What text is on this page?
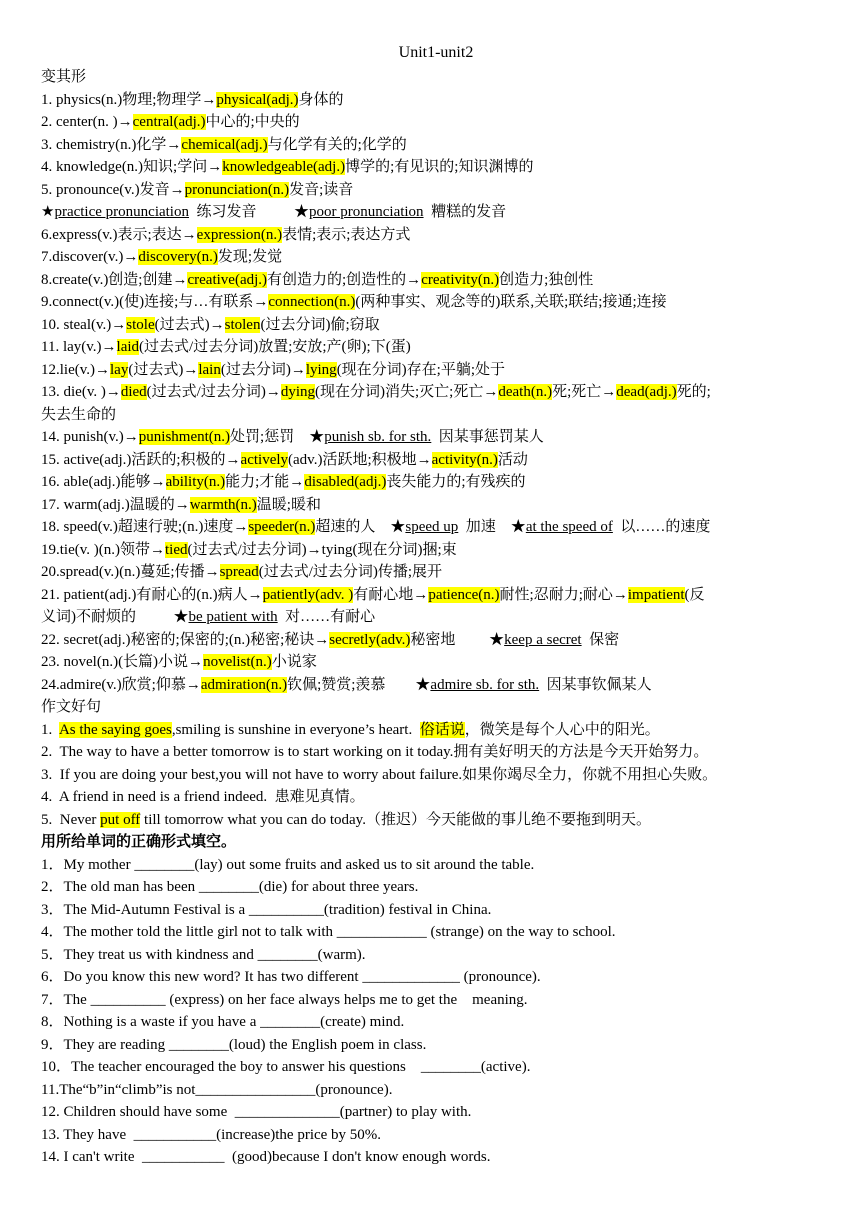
Unit1-unit2
变其形
1. physics(n.)物理;物理学→physical(adj.)身体的
2. center(n. )→central(adj.)中心的;中央的
3. chemistry(n.)化学→chemical(adj.)与化学有关的;化学的
4. knowledge(n.)知识;学问→knowledgeable(adj.)博学的;有见识的;知识渊博的
5. pronounce(v.)发音→pronunciation(n.)发音;读音
★practice pronunciation  练习发音          ★poor pronunciation  糟糕的发音
6.express(v.)表示;表达→expression(n.)表情;表示;表达方式
7.discover(v.)→discovery(n.)发现;发觉
8.create(v.)创造;创建→creative(adj.)有创造力的;创造性的→creativity(n.)创造力;独创性
9.connect(v.)(使)连接;与…有联系→connection(n.)(两种事实、观念等的)联系,关联;联结;接通;连接
10. steal(v.)→stole(过去式)→stolen(过去分词)偷;窃取
11. lay(v.)→laid(过去式/过去分词)放置;安放;产(卵);下(蛋)
12.lie(v.)→lay(过去式)→lain(过去分词)→lying(现在分词)存在;平躺;处于
13. die(v. )→died(过去式/过去分词)→dying(现在分词)消失;灭亡;死亡→death(n.)死;死亡→dead(adj.)死的;
失去生命的
14. punish(v.)→punishment(n.)处罚;惩罚    ★punish sb. for sth.  因某事惩罚某人
15. active(adj.)活跃的;积极的→actively(adv.)活跃地;积极地→activity(n.)活动
16. able(adj.)能够→ability(n.)能力;才能→disabled(adj.)丧失能力的;有残疾的
17. warm(adj.)温暖的→warmth(n.)温暖;暖和
18. speed(v.)超速行驶;(n.)速度→speeder(n.)超速的人    ★speed up  加速    ★at the speed of  以……的速度
19.tie(v. )(n.)领带→tied(过去式/过去分词)→tying(现在分词)捆;束
20.spread(v.)(n.)蔓延;传播→spread(过去式/过去分词)传播;展开
21. patient(adj.)有耐心的(n.)病人→patiently(adv. )有耐心地→patience(n.)耐性;忍耐力;耐心→impatient(反
义词)不耐烦的          ★be patient with  对……有耐心
22. secret(adj.)秘密的;保密的;(n.)秘密;秘诀→secretly(adv.)秘密地         ★keep a secret  保密
23. novel(n.)(长篇)小说→novelist(n.)小说家
24.admire(v.)欣赏;仰慕→admiration(n.)钦佩;赞赏;羡慕        ★admire sb. for sth.  因某事钦佩某人
作文好句
1.  As the saying goes,smiling is sunshine in everyone’s heart.  俗话说，微笑是每个人心中的阳光。
2.  The way to have a better tomorrow is to start working on it today.拥有美好明天的方法是今天开始努力。
3.  If you are doing your best,you will not have to worry about failure.如果你竭尽全力，你就不用担心失败。
4.  A friend in need is a friend indeed.  患难见真情。
5.  Never put off till tomorrow what you can do today.（推迟）今天能做的事儿绝不要拖到明天。
用所给单词的正确形式填空。
1．My mother ________(lay) out some fruits and asked us to sit around the table.
2．The old man has been ________(die) for about three years.
3．The Mid-Autumn Festival is a __________(tradition) festival in China.
4．The mother told the little girl not to talk with ____________ (strange) on the way to school.
5．They treat us with kindness and ________(warm).
6．Do you know this new word? It has two different _____________ (pronounce).
7．The __________ (express) on her face always helps me to get the    meaning.
8．Nothing is a waste if you have a ________(create) mind.
9．They are reading ________(loud) the English poem in class.
10．The teacher encouraged the boy to answer his questions    ________(active).
11.The“b”in“climb”is not________________(pronounce).
12. Children should have some  ______________(partner) to play with.
13. They have  ___________(increase)the price by 50%.
14. I can't write  ___________  (good)because I don't know enough words.
